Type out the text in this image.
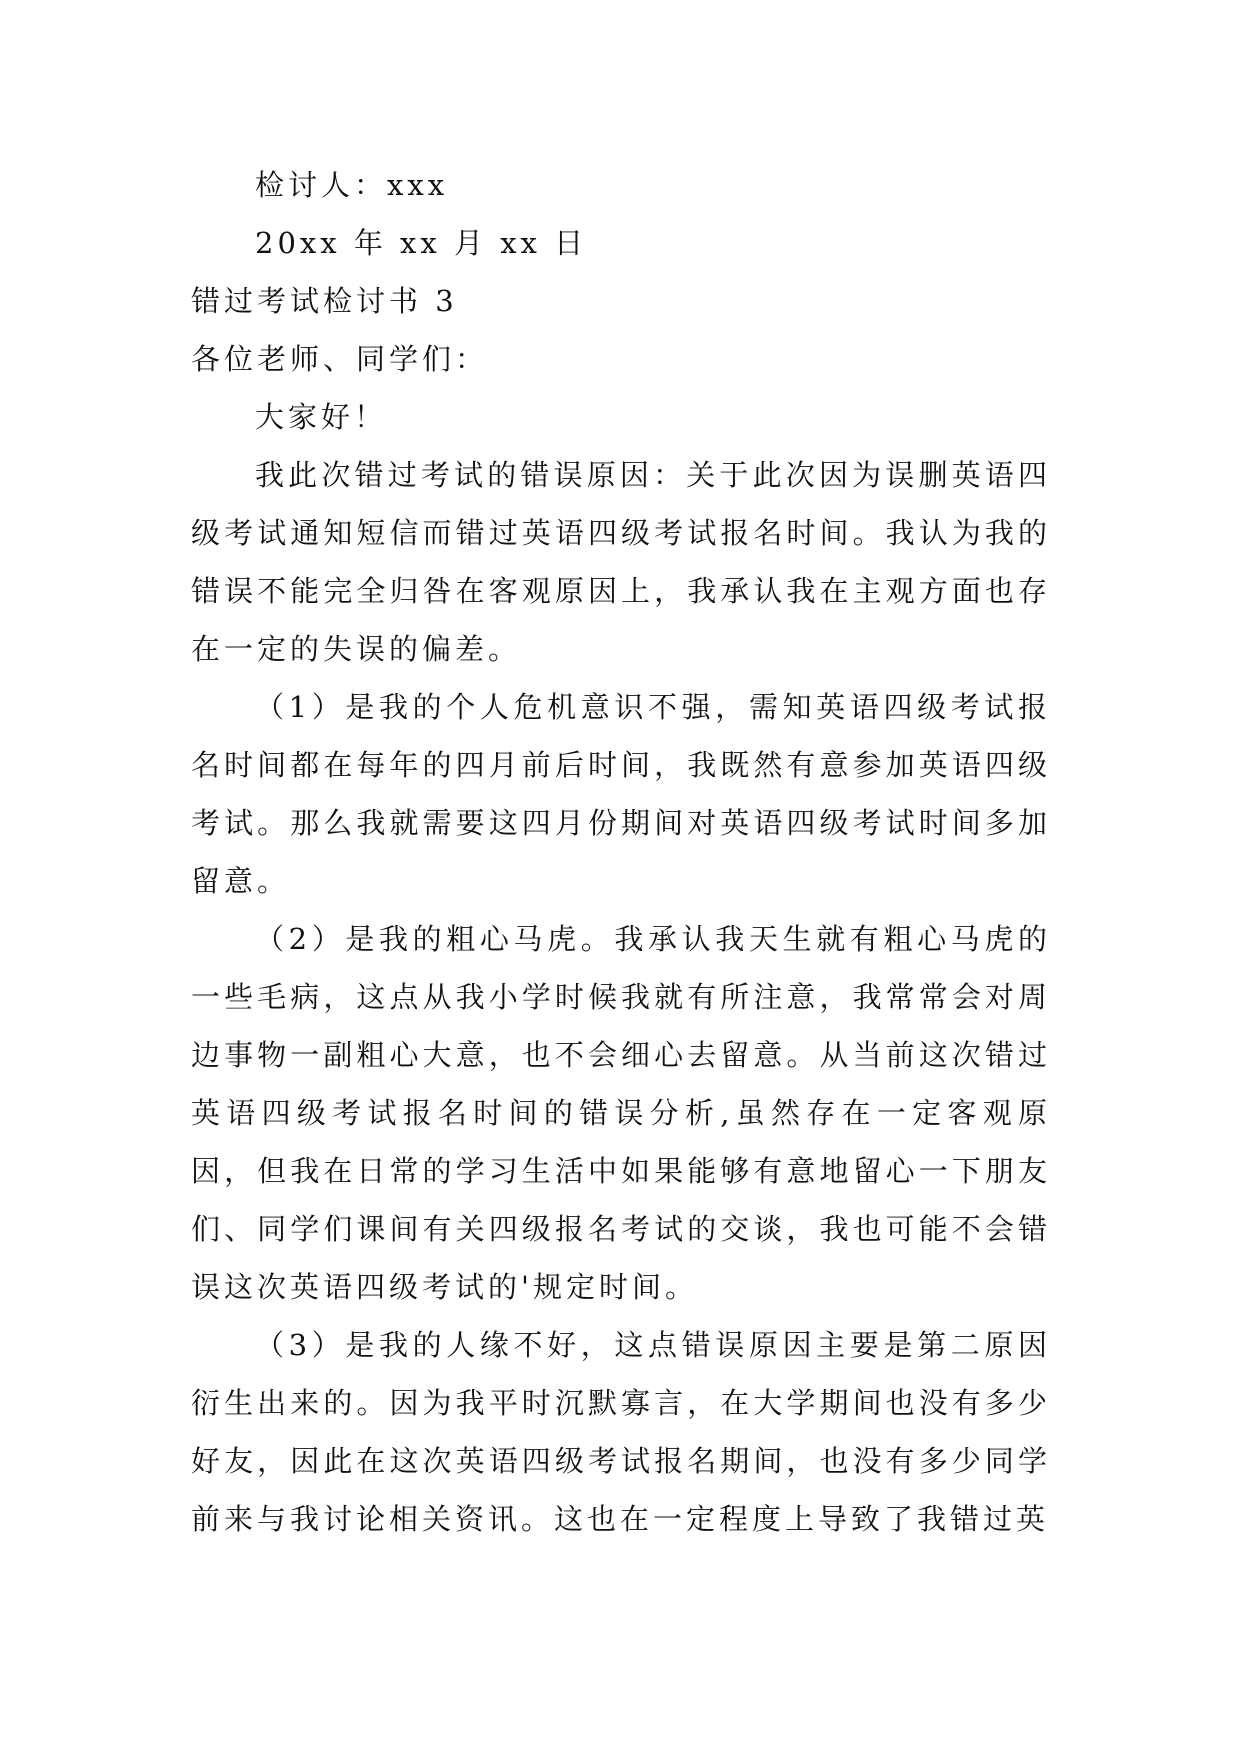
检讨人：xxx

20xx 年 xx 月 xx 日

错过考试检讨书 3

各位老师、同学们：

大家好！

我此次错过考试的错误原因：关于此次因为误删英语四级考试通知短信而错过英语四级考试报名时间。我认为我的错误不能完全归咎在客观原因上，我承认我在主观方面也存在一定的失误的偏差。

（1）是我的个人危机意识不强，需知英语四级考试报名时间都在每年的四月前后时间，我既然有意参加英语四级考试。那么我就需要这四月份期间对英语四级考试时间多加留意。

（2）是我的粗心马虎。我承认我天生就有粗心马虎的一些毛病，这点从我小学时候我就有所注意，我常常会对周边事物一副粗心大意，也不会细心去留意。从当前这次错过英语四级考试报名时间的错误分析,虽然存在一定客观原因，但我在日常的学习生活中如果能够有意地留心一下朋友们、同学们课间有关四级报名考试的交谈，我也可能不会错误这次英语四级考试的'规定时间。

（3）是我的人缘不好，这点错误原因主要是第二原因衍生出来的。因为我平时沉默寡言，在大学期间也没有多少好友，因此在这次英语四级考试报名期间，也没有多少同学前来与我讨论相关资讯。这也在一定程度上导致了我错过英
